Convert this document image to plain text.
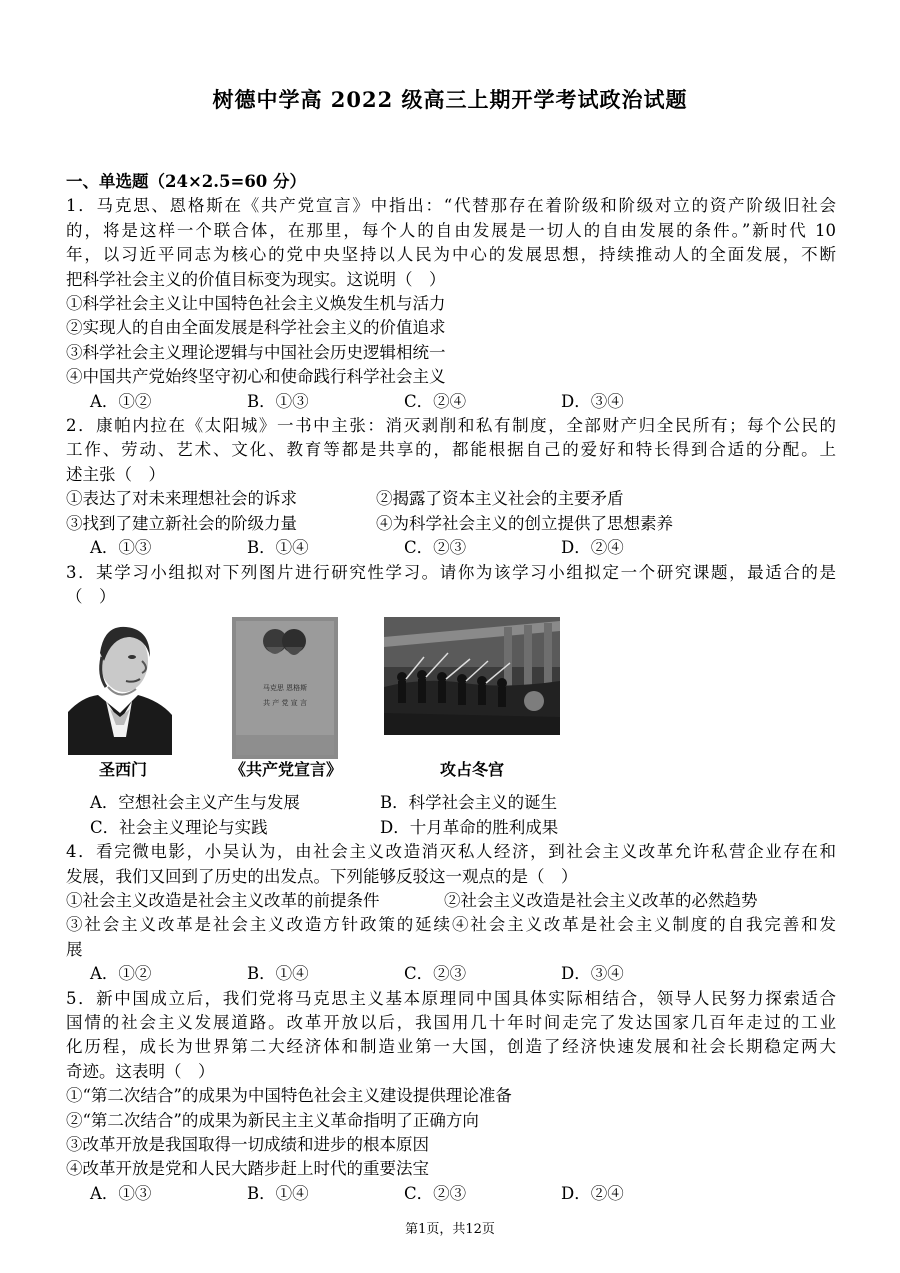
树德中学高 2022 级高三上期开学考试政治试题
一、单选题（24×2.5=60 分）
1．马克思、恩格斯在《共产党宣言》中指出：“代替那存在着阶级和阶级对立的资产阶级旧社会
的，将是这样一个联合体，在那里，每个人的自由发展是一切人的自由发展的条件。”新时代 10
年，以习近平同志为核心的党中央坚持以人民为中心的发展思想，持续推动人的全面发展，不断
把科学社会主义的价值目标变为现实。这说明（　）
①科学社会主义让中国特色社会主义焕发生机与活力
②实现人的自由全面发展是科学社会主义的价值追求
③科学社会主义理论逻辑与中国社会历史逻辑相统一
④中国共产党始终坚守初心和使命践行科学社会主义
A．①②	B．①③	C．②④	D．③④
2．康帕内拉在《太阳城》一书中主张：消灭剥削和私有制度，全部财产归全民所有；每个公民的
工作、劳动、艺术、文化、教育等都是共享的，都能根据自己的爱好和特长得到合适的分配。上
述主张（　）
①表达了对未来理想社会的诉求	②揭露了资本主义社会的主要矛盾
③找到了建立新社会的阶级力量	④为科学社会主义的创立提供了思想素养
A．①③	B．①④	C．②③	D．②④
3．某学习小组拟对下列图片进行研究性学习。请你为该学习小组拟定一个研究课题，最适合的是
（　）
马克思 恩格斯
共 产 党 宣 言
圣西门	《共产党宣言》	攻占冬宫
A．空想社会主义产生与发展	B．科学社会主义的诞生
C．社会主义理论与实践	D．十月革命的胜利成果
4．看完微电影，小吴认为，由社会主义改造消灭私人经济，到社会主义改革允许私营企业存在和
发展，我们又回到了历史的出发点。下列能够反驳这一观点的是（　）
①社会主义改造是社会主义改革的前提条件	②社会主义改造是社会主义改革的必然趋势
③社会主义改革是社会主义改造方针政策的延续④社会主义改革是社会主义制度的自我完善和发
展
A．①②	B．①④	C．②③	D．③④
5．新中国成立后，我们党将马克思主义基本原理同中国具体实际相结合，领导人民努力探索适合
国情的社会主义发展道路。改革开放以后，我国用几十年时间走完了发达国家几百年走过的工业
化历程，成长为世界第二大经济体和制造业第一大国，创造了经济快速发展和社会长期稳定两大
奇迹。这表明（　）
①“第二次结合”的成果为中国特色社会主义建设提供理论准备
②“第二次结合”的成果为新民主主义革命指明了正确方向
③改革开放是我国取得一切成绩和进步的根本原因
④改革开放是党和人民大踏步赶上时代的重要法宝
A．①③	B．①④	C．②③	D．②④
第1页，共12页
